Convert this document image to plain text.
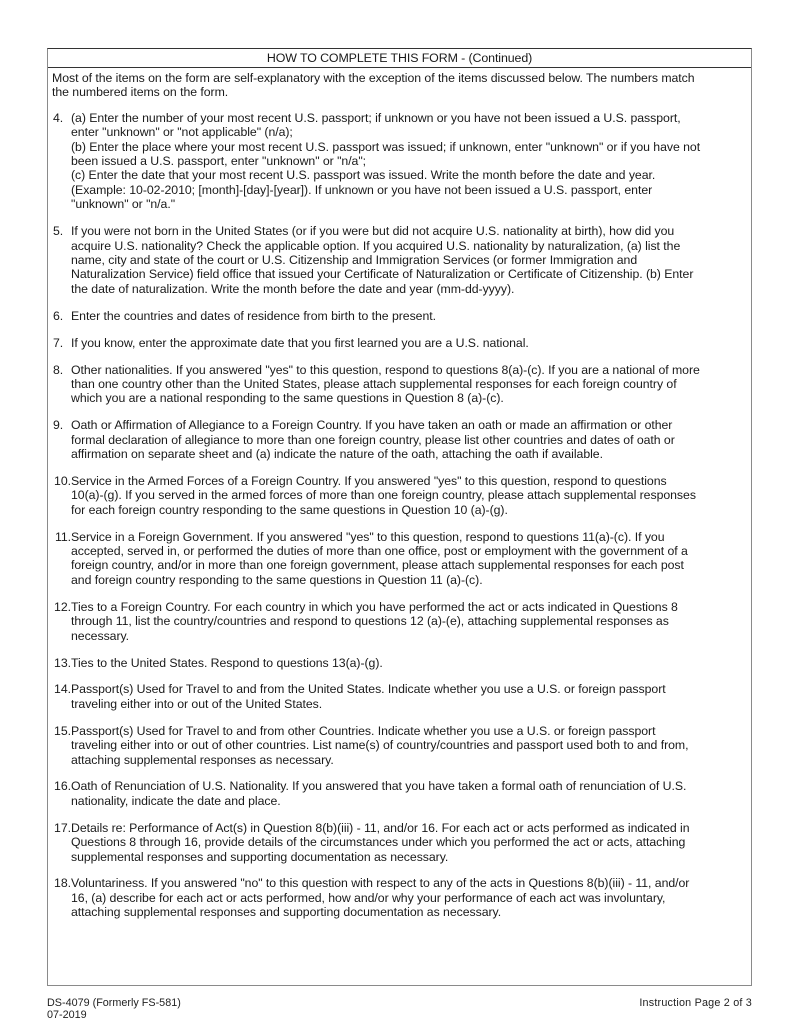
HOW TO COMPLETE THIS FORM - (Continued)
Most of the items on the form are self-explanatory with the exception of the items discussed below. The numbers match
the numbered items on the form.
4. (a) Enter the number of your most recent U.S. passport; if unknown or you have not been issued a U.S. passport,
enter "unknown" or "not applicable" (n/a);
(b) Enter the place where your most recent U.S. passport was issued; if unknown, enter "unknown" or if you have not
been issued a U.S. passport, enter "unknown" or "n/a";
(c) Enter the date that your most recent U.S. passport was issued. Write the month before the date and year.
(Example: 10-02-2010; [month]-[day]-[year]). If unknown or you have not been issued a U.S. passport, enter
"unknown" or "n/a."
5. If you were not born in the United States (or if you were but did not acquire U.S. nationality at birth), how did you
acquire U.S. nationality? Check the applicable option. If you acquired U.S. nationality by naturalization, (a) list the
name, city and state of the court or U.S. Citizenship and Immigration Services (or former Immigration and
Naturalization Service) field office that issued your Certificate of Naturalization or Certificate of Citizenship. (b) Enter
the date of naturalization. Write the month before the date and year (mm-dd-yyyy).
6. Enter the countries and dates of residence from birth to the present.
7. If you know, enter the approximate date that you first learned you are a U.S. national.
8. Other nationalities. If you answered "yes" to this question, respond to questions 8(a)-(c). If you are a national of more
than one country other than the United States, please attach supplemental responses for each foreign country of
which you are a national responding to the same questions in Question 8 (a)-(c).
9. Oath or Affirmation of Allegiance to a Foreign Country. If you have taken an oath or made an affirmation or other
formal declaration of allegiance to more than one foreign country, please list other countries and dates of oath or
affirmation on separate sheet and (a) indicate the nature of the oath, attaching the oath if available.
10. Service in the Armed Forces of a Foreign Country. If you answered "yes" to this question, respond to questions
10(a)-(g). If you served in the armed forces of more than one foreign country, please attach supplemental responses
for each foreign country responding to the same questions in Question 10 (a)-(g).
11. Service in a Foreign Government. If you answered "yes" to this question, respond to questions 11(a)-(c). If you
accepted, served in, or performed the duties of more than one office, post or employment with the government of a
foreign country, and/or in more than one foreign government, please attach supplemental responses for each post
and foreign country responding to the same questions in Question 11 (a)-(c).
12. Ties to a Foreign Country. For each country in which you have performed the act or acts indicated in Questions 8
through 11, list the country/countries and respond to questions 12 (a)-(e), attaching supplemental responses as
necessary.
13. Ties to the United States. Respond to questions 13(a)-(g).
14. Passport(s) Used for Travel to and from the United States. Indicate whether you use a U.S. or foreign passport
traveling either into or out of the United States.
15. Passport(s) Used for Travel to and from other Countries. Indicate whether you use a U.S. or foreign passport
traveling either into or out of other countries. List name(s) of country/countries and passport used both to and from,
attaching supplemental responses as necessary.
16. Oath of Renunciation of U.S. Nationality. If you answered that you have taken a formal oath of renunciation of U.S.
nationality, indicate the date and place.
17. Details re: Performance of Act(s) in Question 8(b)(iii) - 11, and/or 16. For each act or acts performed as indicated in
Questions 8 through 16, provide details of the circumstances under which you performed the act or acts, attaching
supplemental responses and supporting documentation as necessary.
18. Voluntariness. If you answered "no" to this question with respect to any of the acts in Questions 8(b)(iii) - 11, and/or
16, (a) describe for each act or acts performed, how and/or why your performance of each act was involuntary,
attaching supplemental responses and supporting documentation as necessary.
DS-4079 (Formerly FS-581)
07-2019
Instruction Page 2 of 3
